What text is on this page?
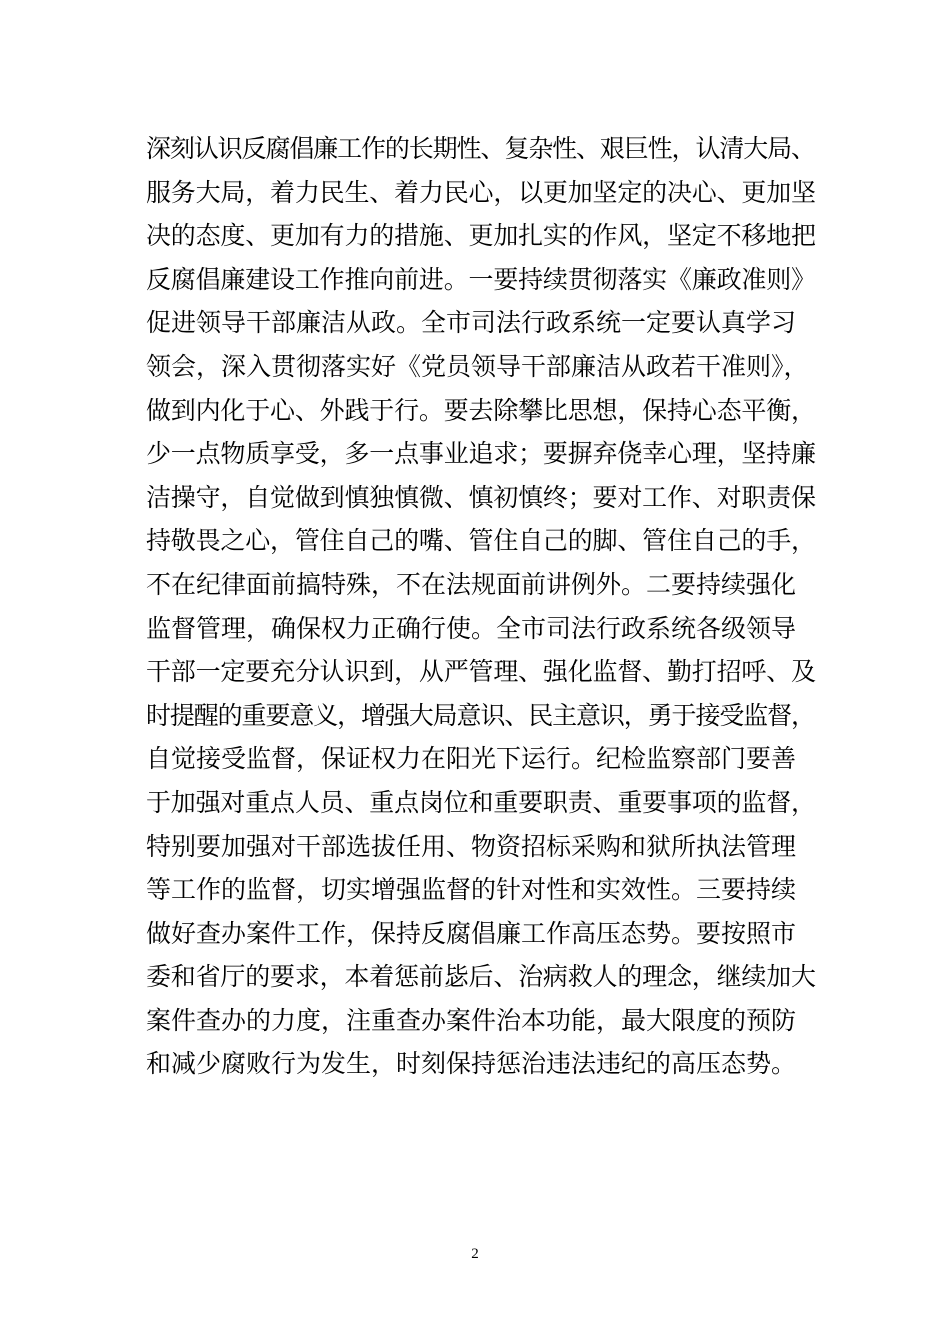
深刻认识反腐倡廉工作的长期性、复杂性、艰巨性，认清大局、
服务大局，着力民生、着力民心，以更加坚定的决心、更加坚
决的态度、更加有力的措施、更加扎实的作风，坚定不移地把
反腐倡廉建设工作推向前进。一要持续贯彻落实《廉政准则》
促进领导干部廉洁从政。全市司法行政系统一定要认真学习
领会，深入贯彻落实好《党员领导干部廉洁从政若干准则》，
做到内化于心、外践于行。要去除攀比思想，保持心态平衡，
少一点物质享受，多一点事业追求；要摒弃侥幸心理，坚持廉
洁操守，自觉做到慎独慎微、慎初慎终；要对工作、对职责保
持敬畏之心，管住自己的嘴、管住自己的脚、管住自己的手，
不在纪律面前搞特殊，不在法规面前讲例外。二要持续强化
监督管理，确保权力正确行使。全市司法行政系统各级领导
干部一定要充分认识到，从严管理、强化监督、勤打招呼、及
时提醒的重要意义，增强大局意识、民主意识，勇于接受监督，
自觉接受监督，保证权力在阳光下运行。纪检监察部门要善
于加强对重点人员、重点岗位和重要职责、重要事项的监督，
特别要加强对干部选拔任用、物资招标采购和狱所执法管理
等工作的监督，切实增强监督的针对性和实效性。三要持续
做好查办案件工作，保持反腐倡廉工作高压态势。要按照市
委和省厅的要求，本着惩前毖后、治病救人的理念，继续加大
案件查办的力度，注重查办案件治本功能，最大限度的预防
和减少腐败行为发生，时刻保持惩治违法违纪的高压态势。
2
